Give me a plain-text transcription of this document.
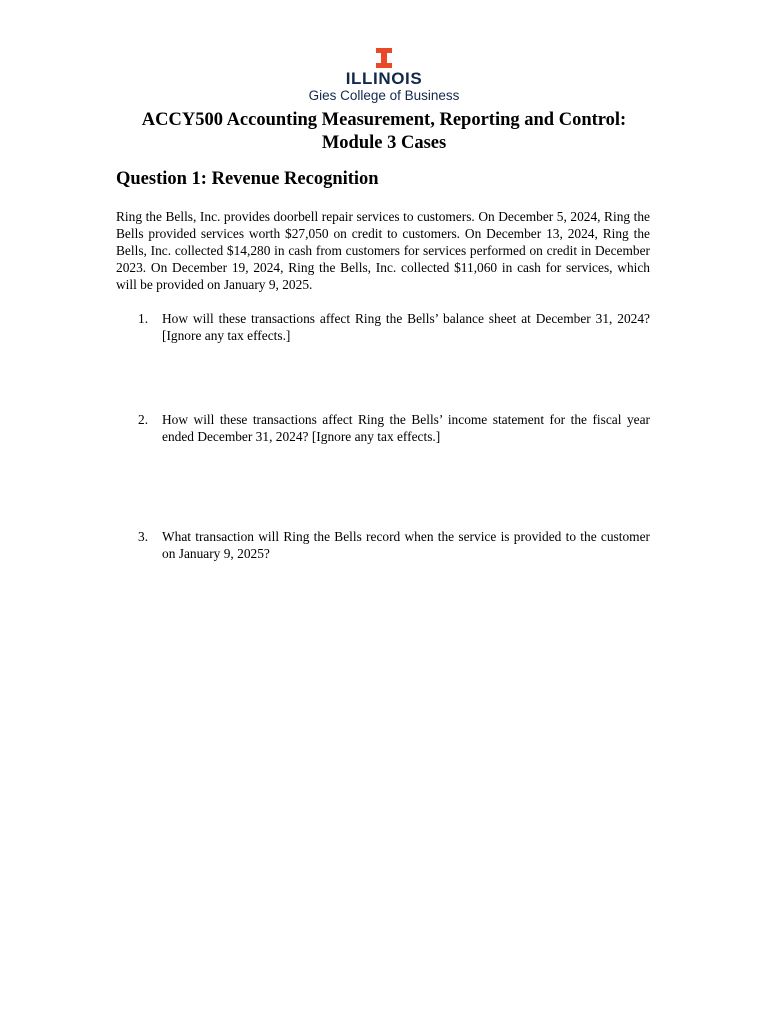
ILLINOIS
Gies College of Business
ACCY500 Accounting Measurement, Reporting and Control:
Module 3 Cases
Question 1: Revenue Recognition

Ring the Bells, Inc. provides doorbell repair services to customers. On December 5, 2024, Ring the Bells provided services worth $27,050 on credit to customers. On December 13, 2024, Ring the Bells, Inc. collected $14,280 in cash from customers for services performed on credit in December 2023. On December 19, 2024, Ring the Bells, Inc. collected $11,060 in cash for services, which will be provided on January 9, 2025.

1. How will these transactions affect Ring the Bells’ balance sheet at December 31, 2024? [Ignore any tax effects.]
2. How will these transactions affect Ring the Bells’ income statement for the fiscal year ended December 31, 2024? [Ignore any tax effects.]
3. What transaction will Ring the Bells record when the service is provided to the customer on January 9, 2025?
